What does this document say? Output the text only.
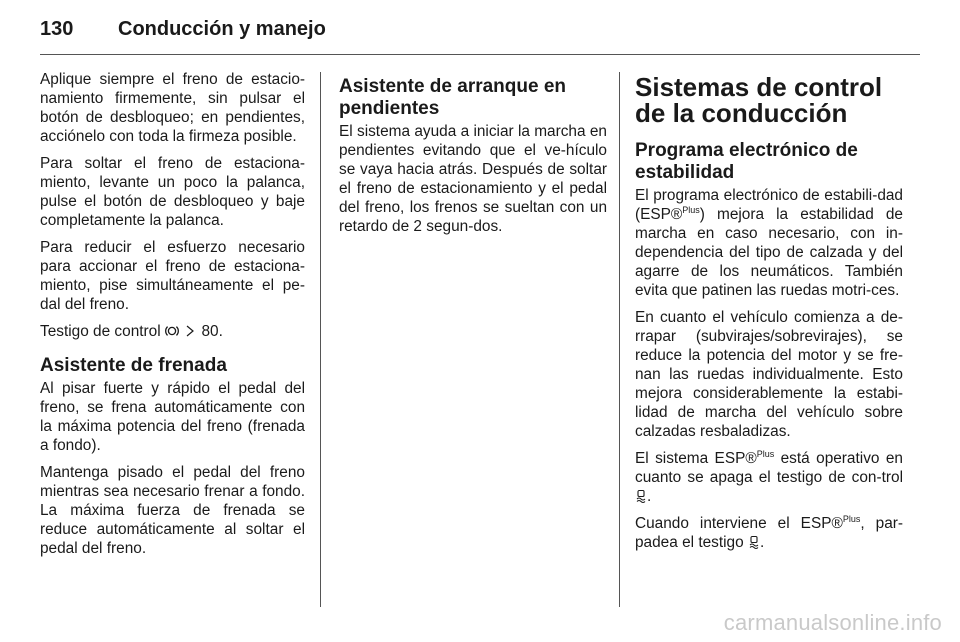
130 Conducción y manejo

Aplique siempre el freno de estacio-namiento firmemente, sin pulsar el botón de desbloqueo; en pendientes, acciónelo con toda la firmeza posible.

Para soltar el freno de estaciona-miento, levante un poco la palanca, pulse el botón de desbloqueo y baje completamente la palanca.

Para reducir el esfuerzo necesario para accionar el freno de estaciona-miento, pise simultáneamente el pe-dal del freno.

Testigo de control	80.

Asistente de frenada

Al pisar fuerte y rápido el pedal del freno, se frena automáticamente con la máxima potencia del freno (frenada a fondo).

Mantenga pisado el pedal del freno mientras sea necesario frenar a fondo. La máxima fuerza de frenada se reduce automáticamente al soltar el pedal del freno.

Asistente de arranque en pendientes

El sistema ayuda a iniciar la marcha en pendientes evitando que el ve-hículo se vaya hacia atrás. Después de soltar el freno de estacionamiento y el pedal del freno, los frenos se sueltan con un retardo de 2 segun-dos.

Sistemas de control de la conducción
Programa electrónico de estabilidad

El programa electrónico de estabili-dad (ESP®$^{Plus}$) mejora la estabilidad de marcha en caso necesario, con in-dependencia del tipo de calzada y del agarre de los neumáticos. También evita que patinen las ruedas motri-ces.

En cuanto el vehículo comienza a de-rrapar (subvirajes/sobrevirajes), se reduce la potencia del motor y se fre-nan las ruedas individualmente. Esto mejora considerablemente la estabi-lidad de marcha del vehículo sobre calzadas resbaladizas.

El sistema ESP®$^{Plus}$ está operativo en cuanto se apaga el testigo de con-trol .

Cuando interviene el ESP®$^{Plus}$, par-padea el testigo .

carmanualsonline.info
